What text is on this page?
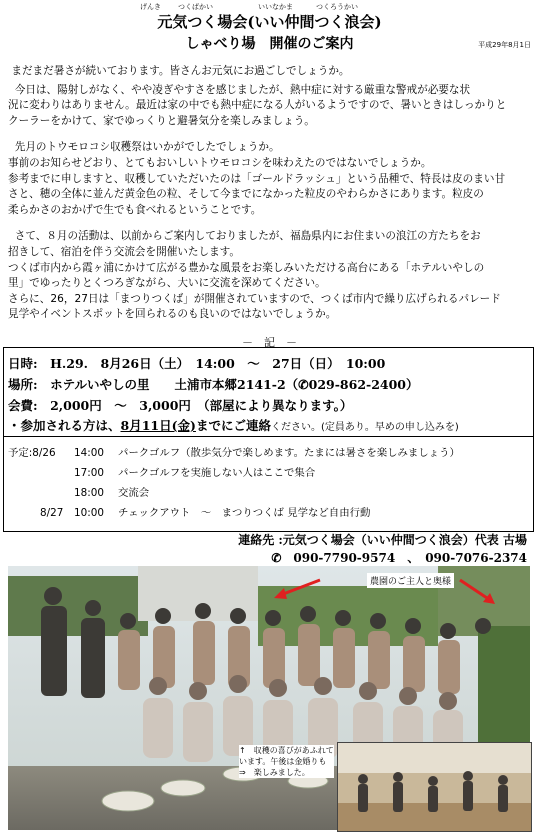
げんき つくばかい	いいなかま	つくろうかい
元気つく場会(いい仲間つく浪会)
しゃべり場　開催のご案内	平成29年8月1日

まだまだ暑さが続いております。皆さんお元気にお過ごしでしょうか。

今日は、陽射しがなく、やや凌ぎやすさを感じましたが、熱中症に対する厳重な警戒が必要な状
況に変わりはありません。最近は家の中でも熱中症になる人がいるようですので、暑いときはしっかりと
クーラーをかけて、家でゆっくりと避暑気分を楽しみましょう。

先月のトウモロコシ収穫祭はいかがでしたでしょうか。
事前のお知らせどおり、とてもおいしいトウモロコシを味わえたのではないでしょうか。
参考までに申しますと、収穫していただいたのは「ゴールドラッシュ」という品種で、特長は皮のまい甘
さと、穂の全体に並んだ黄金色の粒、そして今までになかった粒皮のやわらかさにあります。粒皮の
柔らかさのおかげで生でも食べれるということです。

さて、８月の活動は、以前からご案内しておりましたが、福島県内にお住まいの浪江の方たちをお
招きして、宿泊を伴う交流会を開催いたします。
つくば市内から霞ヶ浦にかけて広がる豊かな風景をお楽しみいただける高台にある「ホテルいやしの
里」でゆったりとくつろぎながら、大いに交流を深めてください。
さらに、26，27日は「まつりつくば」が開催されていますので、つくば市内で繰り広げられるパレード
見学やイベントスポットを回られるのも良いのではないでしょうか。

－　記　－
日時:　H.29.　8月26日（土）　14:00　～　27日（日）　10:00
場所:　ホテルいやしの里　　土浦市本郷2141-2（✆029-862-2400）
会費:　2,000円　～　3,000円　（部屋により異なります。）
・参加される方は、8月11日(金)までにご連絡ください。(定員あり。早めの申し込みを)
予定:8/26 14:00 パークゴルフ（散歩気分で楽しめます。たまには暑さを楽しみましょう）
17:00 パークゴルフを実施しない人はここで集合
18:00 交流会
8/27 10:00 チェックアウト　～　まつりつくば 見学など自由行動
連絡先 :元気つく場会（いい仲間つく浪会）代表 古場
✆　090-7790-9574　、　090-7076-2374
農園のご主人と奥様
↑　収穫の喜びがあふれています。午後は金婚りも　⇒　楽しみました。
